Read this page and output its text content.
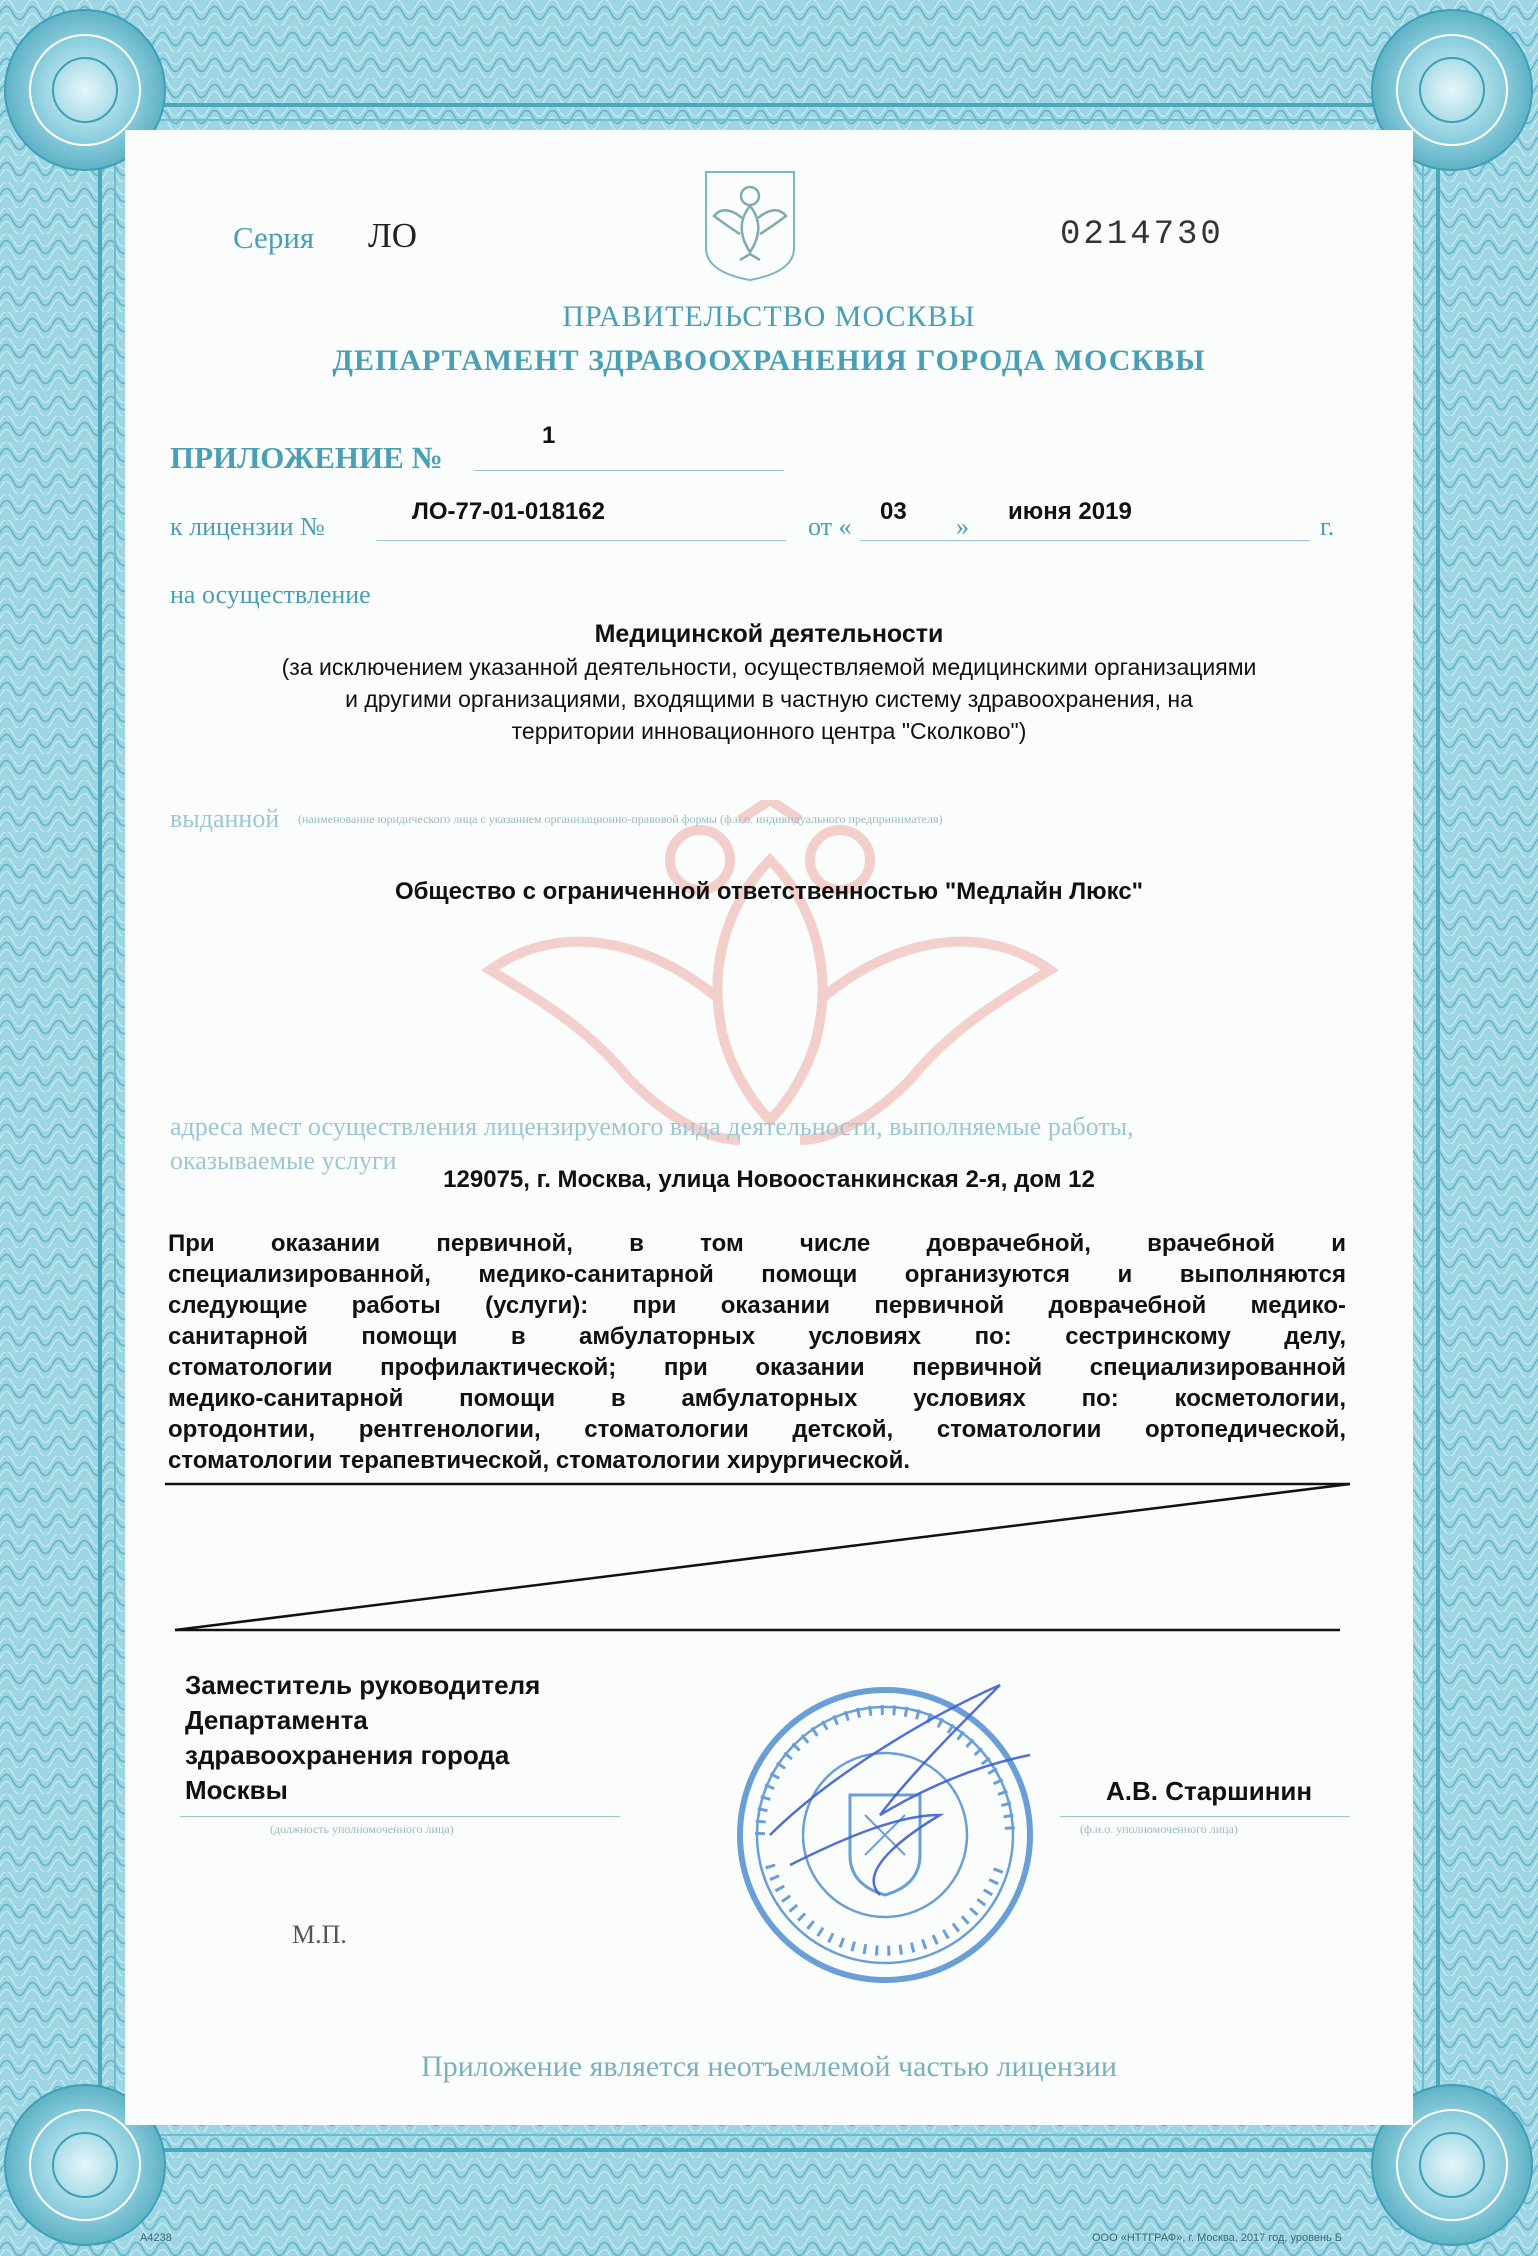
Серия ЛО	0214730
ПРАВИТЕЛЬСТВО МОСКВЫ
ДЕПАРТАМЕНТ ЗДРАВООХРАНЕНИЯ ГОРОДА МОСКВЫ
ПРИЛОЖЕНИЕ №
1
к лицензии №
ЛО-77-01-018162
от «
03
»
июня 2019
г.
на осуществление
Медицинской деятельности
(за исключением указанной деятельности, осуществляемой медицинскими организациями
и другими организациями, входящими в частную систему здравоохранения, на
территории инновационного центра "Сколково")
выданной (наименование юридического лица с указанием организационно-правовой формы (ф.и.о. индивидуального предпринимателя)
Общество с ограниченной ответственностью "Медлайн Люкс"
адреса мест осуществления лицензируемого вида деятельности, выполняемые работы,
оказываемые услуги
129075, г. Москва, улица Новоостанкинская 2-я, дом 12
При оказании первичной, в том числе доврачебной, врачебной и
специализированной, медико-санитарной помощи организуются и выполняются
следующие работы (услуги): при оказании первичной доврачебной медико-
санитарной помощи в амбулаторных условиях по: сестринскому делу,
стоматологии профилактической; при оказании первичной специализированной
медико-санитарной помощи в амбулаторных условиях по: косметологии,
ортодонтии, рентгенологии, стоматологии детской, стоматологии ортопедической,
стоматологии терапевтической, стоматологии хирургической.
Заместитель руководителя
Департамента
здравоохранения города
Москвы
(должность уполномоченного лица)
А.В. Старшинин
(ф.и.о. уполномоченного лица)
М.П.
Приложение является неотъемлемой частью лицензии
А4238	ООО «НТТГРАФ», г. Москва, 2017 год, уровень Б
